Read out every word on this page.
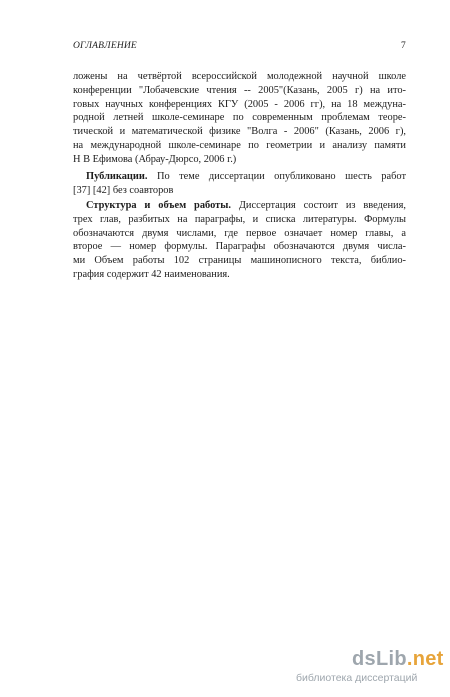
ОГЛАВЛЕНИЕ	7
ложены на четвёртой всероссийской молодежной научной школе
конференции "Лобачевские чтения -- 2005"(Казань, 2005 г) на ито-
говых научных конференциях КГУ (2005 - 2006 гг), на 18 междуна-
родной летней школе-семинаре по современным проблемам теоре-
тической и математической физике "Волга - 2006" (Казань, 2006 г),
на международной школе-семинаре по геометрии и анализу памяти
Н В Ефимова (Абрау-Дюрсо, 2006 г.)
Публикации. По теме диссертации опубликовано шесть работ
[37] [42] без соавторов
Структура и объем работы. Диссертация состоит из введения,
трех глав, разбитых на параграфы, и списка литературы. Формулы
обозначаются двумя числами, где первое означает номер главы, а
второе — номер формулы. Параграфы обозначаются двумя числа-
ми Объем работы 102 страницы машинописного текста, библио-
графия содержит 42 наименования.
dsLib.net
библиотека диссертаций
